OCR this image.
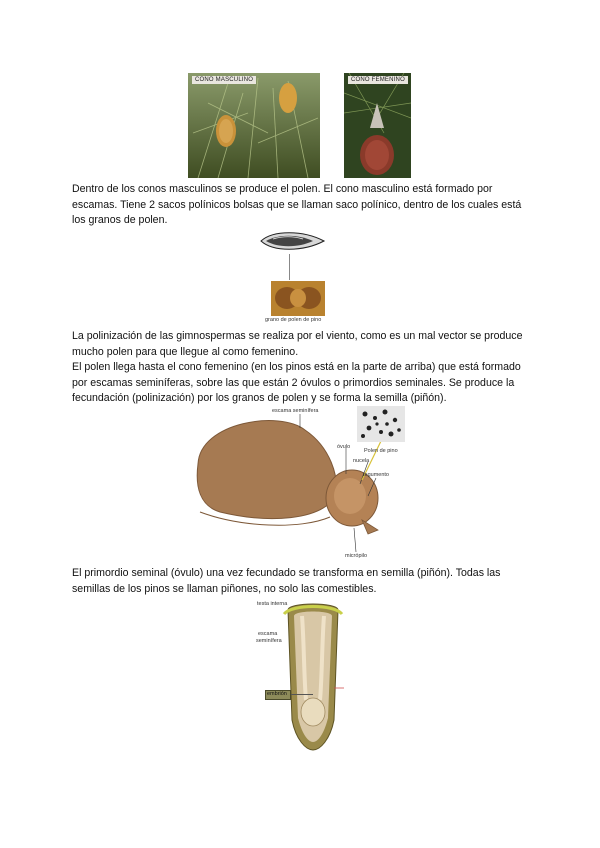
CONO MASCULINO	CONO FEMENINO

Dentro de los conos masculinos se produce el polen. El cono masculino está formado por escamas. Tiene 2 sacos polínicos bolsas que se llaman saco polínico, dentro de los cuales está los granos de polen.

grano de polen de pino

La polinización de las gimnospermas se realiza por el viento, como es un mal vector se produce mucho polen para que llegue al como femenino.

El polen llega hasta el cono femenino (en los pinos está en la parte de arriba) que está formado por escamas seminíferas, sobre las que están 2 óvulos o primordios seminales. Se produce la fecundación (polinización) por los granos de polen y se forma la semilla (piñón).

escama seminífera
óvulo
Polen de pino
nucela
tegumento
micrópilo

El primordio seminal (óvulo) una vez fecundado se transforma en semilla (piñón). Todas las semillas de los pinos se llaman piñones, no solo las comestibles.

testa interna
escama
seminífera
embrión
